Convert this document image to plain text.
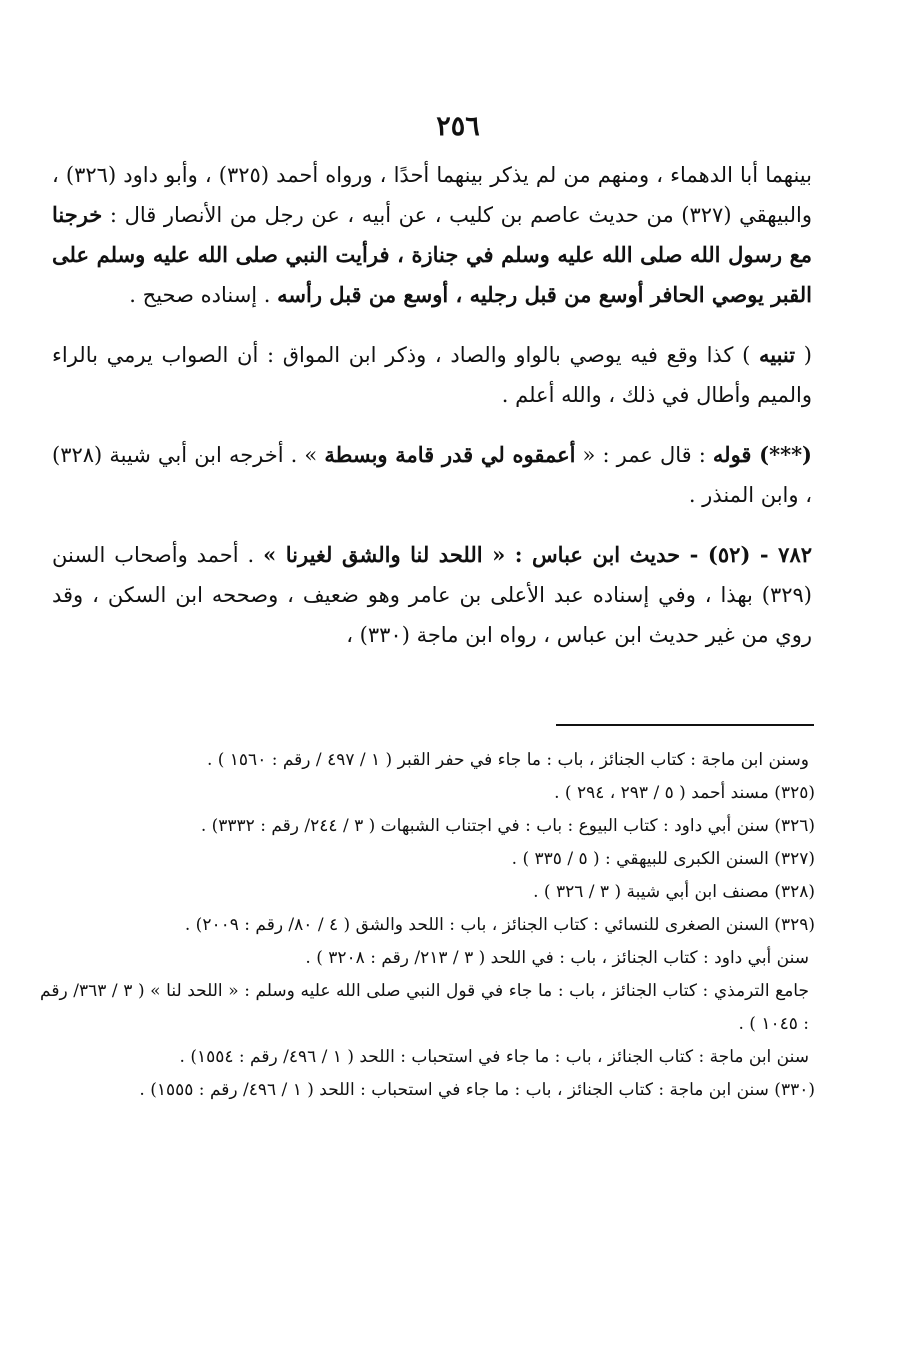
٢٥٦

بينهما أبا الدهماء ، ومنهم من لم يذكر بينهما أحدًا ، ورواه أحمد (٣٢٥) ، وأبو داود (٣٢٦) ، والبيهقي (٣٢٧) من حديث عاصم بن كليب ، عن أبيه ، عن رجل من الأنصار قال : خرجنا مع رسول الله صلى الله عليه وسلم في جنازة ، فرأيت النبي صلى الله عليه وسلم على القبر يوصي الحافر أوسع من قبل رجليه ، أوسع من قبل رأسه . إسناده صحيح .

( تنبيه ) كذا وقع فيه يوصي بالواو والصاد ، وذكر ابن المواق : أن الصواب يرمي بالراء والميم وأطال في ذلك ، والله أعلم .

(***) قوله : قال عمر : « أعمقوه لي قدر قامة وبسطة » . أخرجه ابن أبي شيبة (٣٢٨) ، وابن المنذر .

٧٨٢ - (٥٢) - حديث ابن عباس : « اللحد لنا والشق لغيرنا » . أحمد وأصحاب السنن (٣٢٩) بهذا ، وفي إسناده عبد الأعلى بن عامر وهو ضعيف ، وصححه ابن السكن ، وقد روي من غير حديث ابن عباس ، رواه ابن ماجة (٣٣٠) ،

وسنن ابن ماجة : كتاب الجنائز ، باب : ما جاء في حفر القبر ( ١ / ٤٩٧ / رقم : ١٥٦٠ ) .

(٣٢٥) مسند أحمد ( ٥ / ٢٩٣ ، ٢٩٤ ) .

(٣٢٦) سنن أبي داود : كتاب البيوع : باب : في اجتناب الشبهات ( ٣ / ٢٤٤/ رقم : ٣٣٣٢) .

(٣٢٧) السنن الكبرى للبيهقي : ( ٥ / ٣٣٥ ) .

(٣٢٨) مصنف ابن أبي شيبة ( ٣ / ٣٢٦ ) .

(٣٢٩) السنن الصغرى للنسائي : كتاب الجنائز ، باب : اللحد والشق ( ٤ / ٨٠/ رقم : ٢٠٠٩) .

سنن أبي داود : كتاب الجنائز ، باب : في اللحد ( ٣ / ٢١٣/ رقم : ٣٢٠٨ ) .

جامع الترمذي : كتاب الجنائز ، باب : ما جاء في قول النبي صلى الله عليه وسلم : « اللحد لنا » ( ٣ / ٣٦٣/ رقم : ١٠٤٥ ) .

سنن ابن ماجة : كتاب الجنائز ، باب : ما جاء في استحباب : اللحد ( ١ / ٤٩٦/ رقم : ١٥٥٤) .

(٣٣٠) سنن ابن ماجة : كتاب الجنائز ، باب : ما جاء في استحباب : اللحد ( ١ / ٤٩٦/ رقم : ١٥٥٥) .
